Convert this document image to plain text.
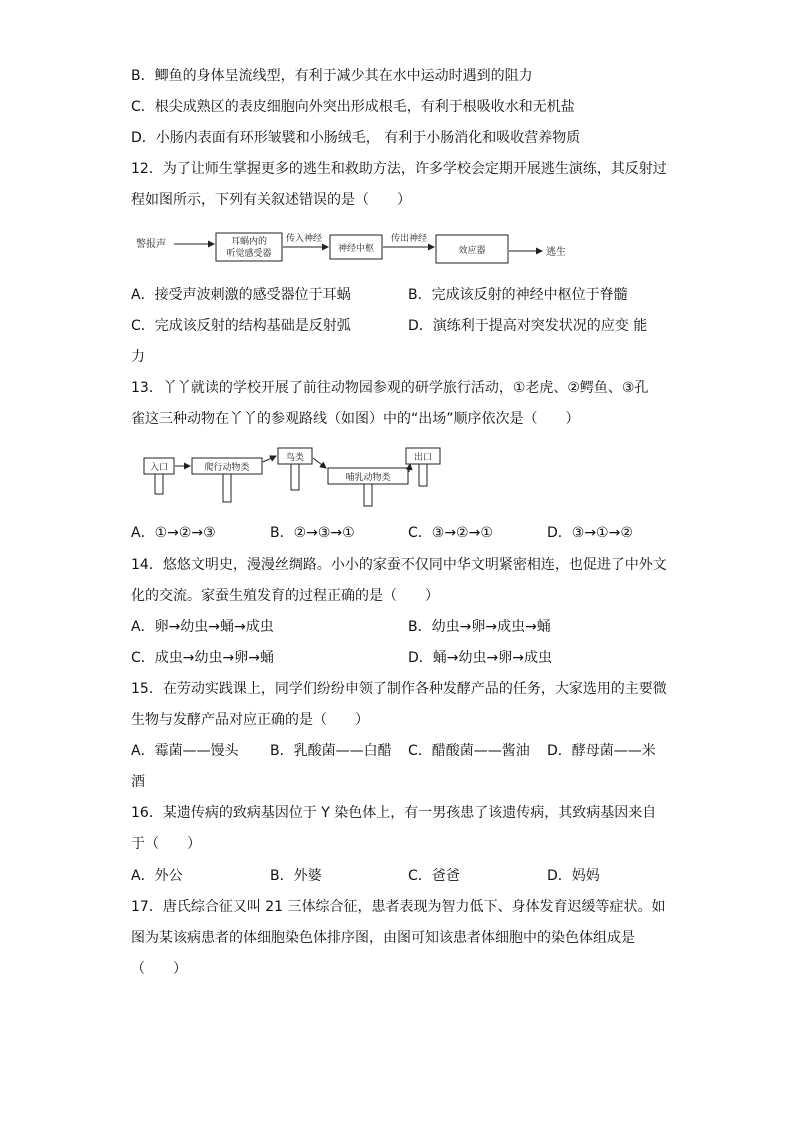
B．鲫鱼的身体呈流线型，有利于减少其在水中运动时遇到的阻力
C．根尖成熟区的表皮细胞向外突出形成根毛，有利于根吸收水和无机盐
D．小肠内表面有环形皱襞和小肠绒毛， 有利于小肠消化和吸收营养物质
12．为了让师生掌握更多的逃生和救助方法，许多学校会定期开展逃生演练，其反射过
程如图所示，下列有关叙述错误的是（　　）
警报声	耳蜗内的
听觉感受器
传入神经
神经中枢
传出神经
效应器	逃生
A．接受声波刺激的感受器位于耳蜗	B．完成该反射的神经中枢位于脊髓
C．完成该反射的结构基础是反射弧	D．演练利于提高对突发状况的应变 能
力
13．丫丫就读的学校开展了前往动物园参观的研学旅行活动，①老虎、②鳄鱼、③孔
雀这三种动物在丫丫的参观路线（如图）中的“出场”顺序依次是（　　）
入口	爬行动物类
鸟类
哺乳动物类
出口
A．①→②→③	B．②→③→①	C．③→②→①	D．③→①→②
14．悠悠文明史，漫漫丝绸路。小小的家蚕不仅同中华文明紧密相连，也促进了中外文
化的交流。家蚕生殖发育的过程正确的是（　　）
A．卵→幼虫→蛹→成虫	B．幼虫→卵→成虫→蛹
C．成虫→幼虫→卵→蛹	D．蛹→幼虫→卵→成虫
15．在劳动实践课上，同学们纷纷申领了制作各种发酵产品的任务，大家选用的主要微
生物与发酵产品对应正确的是（　　）
A．霉菌——馒头 B．乳酸菌——白醋 C．醋酸菌——酱油 D．酵母菌——米
酒
16．某遗传病的致病基因位于 Y 染色体上，有一男孩患了该遗传病，其致病基因来自
于（　　）
A．外公	B．外婆	C．爸爸	D．妈妈
17．唐氏综合征又叫 21 三体综合征，患者表现为智力低下、身体发育迟缓等症状。如
图为某该病患者的体细胞染色体排序图，由图可知该患者体细胞中的染色体组成是
（　　）
